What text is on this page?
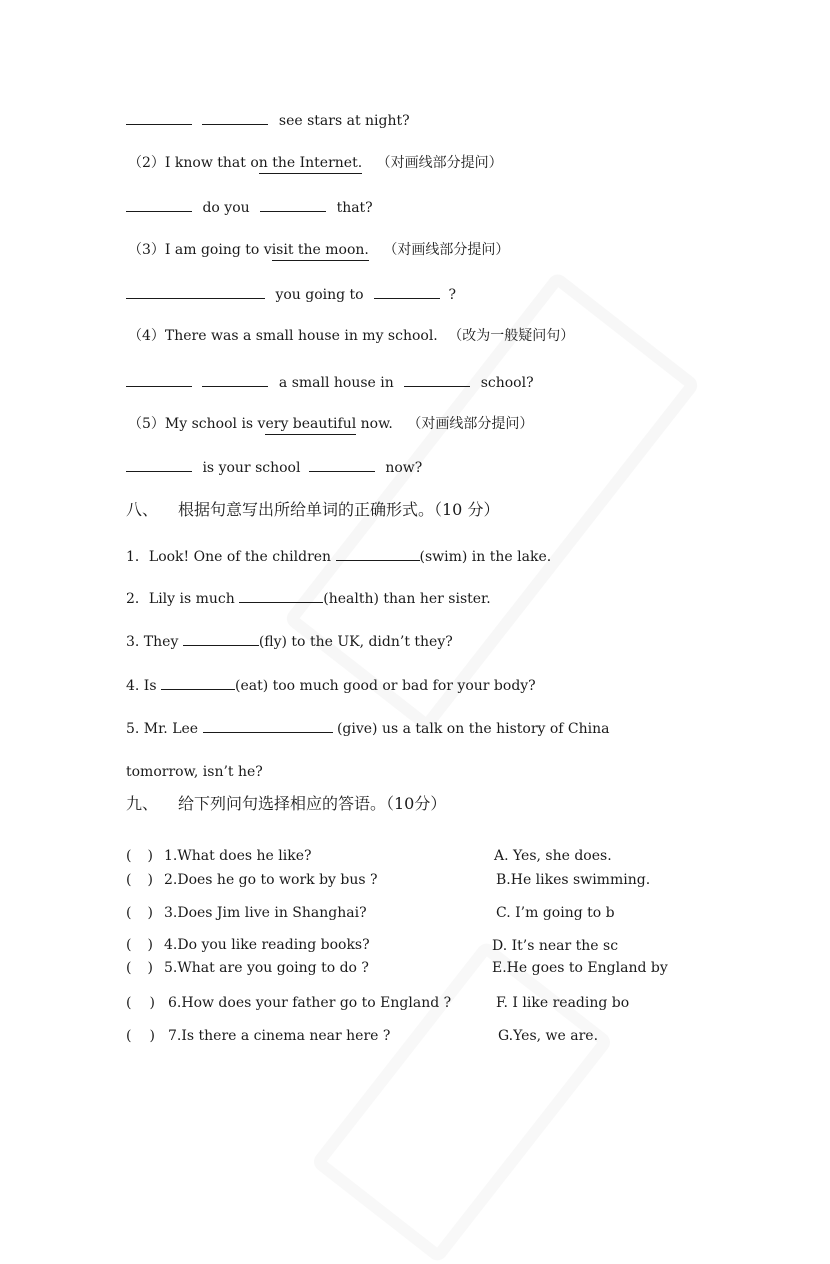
see stars at night?
（2）I know that on the Internet. （对画线部分提问）
do you	that?
（3）I am going to visit the moon. （对画线部分提问）
you going to	?
（4）There was a small house in my school. （改为一般疑问句）
a small house in	school?
（5）My school is very beautiful now. （对画线部分提问）
is your school	now?
八、 根据句意写出所给单词的正确形式。（10 分）
1．Look! One of the children	(swim) in the lake.
2．Lily is much	(health) than her sister.
3. They	(fly) to the UK, didn’t they?
4. Is	(eat) too much good or bad for your body?
5. Mr. Lee	(give) us a talk on the history of China
tomorrow, isn’t he?
九、 给下列问句选择相应的答语。（10分）
( ) 1.What does he like?	A. Yes, she does.
( ) 2.Does he go to work by bus ?	B.He likes swimming.
( ) 3.Does Jim live in Shanghai?	C. I’m going to b
( ) 4.Do you like reading books?	D. It’s near the sc
( ) 5.What are you going to do ?	E.He goes to England by
( ) 6.How does your father go to England ?	F. I like reading bo
( ) 7.Is there a cinema near here ?	G.Yes, we are.
